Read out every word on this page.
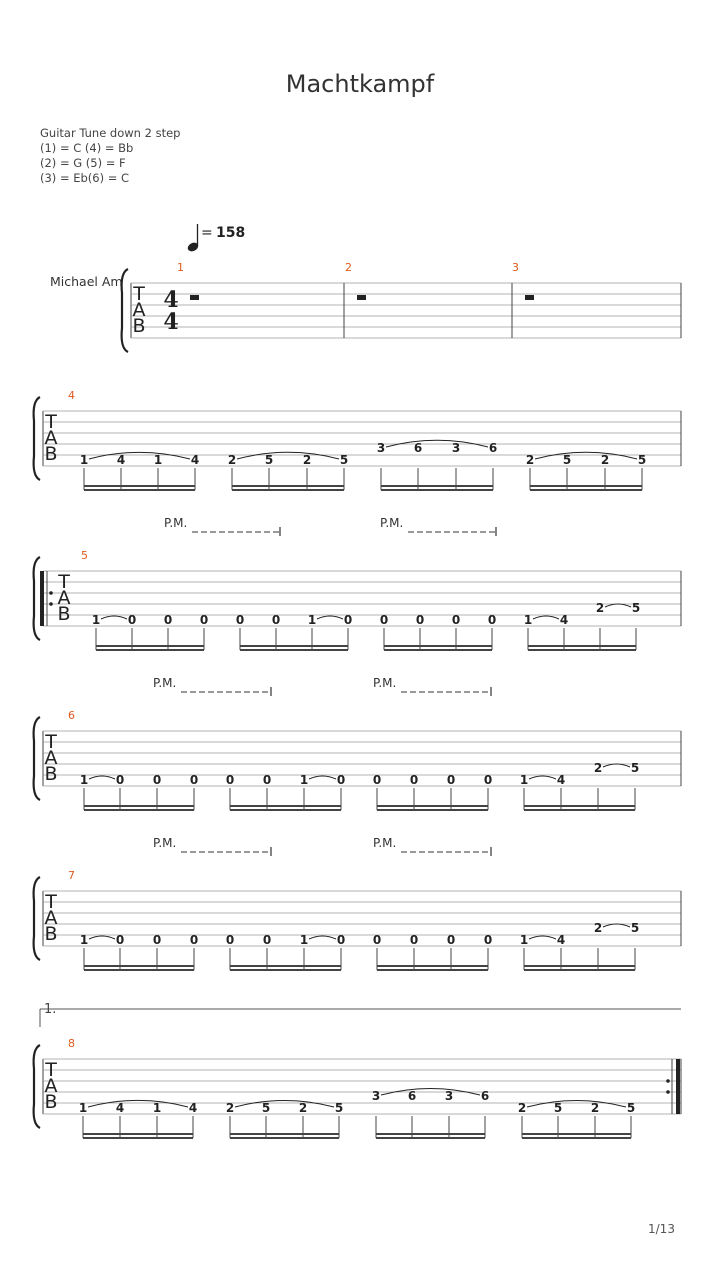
Machtkampf
Guitar Tune down 2 step
(1) = C (4) = Bb
(2) = G (5) = F
(3) = Eb(6) = C
= 158
Michael Am
T
A
B
4
4
1	2	3
4
T
A
B 1 4 1 4 2 5 2 5
3 6 3 6
2 5 2 5
5
T
A
B 1 0 0 0 0 0 1 0 0 0 0 0 1 4
2 5
P.M.	P.M.
6
T
A
B 1 0 0 0 0 0 1 0 0 0 0 0 1 4
2 5
P.M.	P.M.
7
T
A
B 1 0 0 0 0 0 1 0 0 0 0 0 1 4
2 5
P.M.	P.M.
8
T
A
B
1.
1 4 1 4 2 5 2 5
3 6 3 6
2 5 2 5
1/13
